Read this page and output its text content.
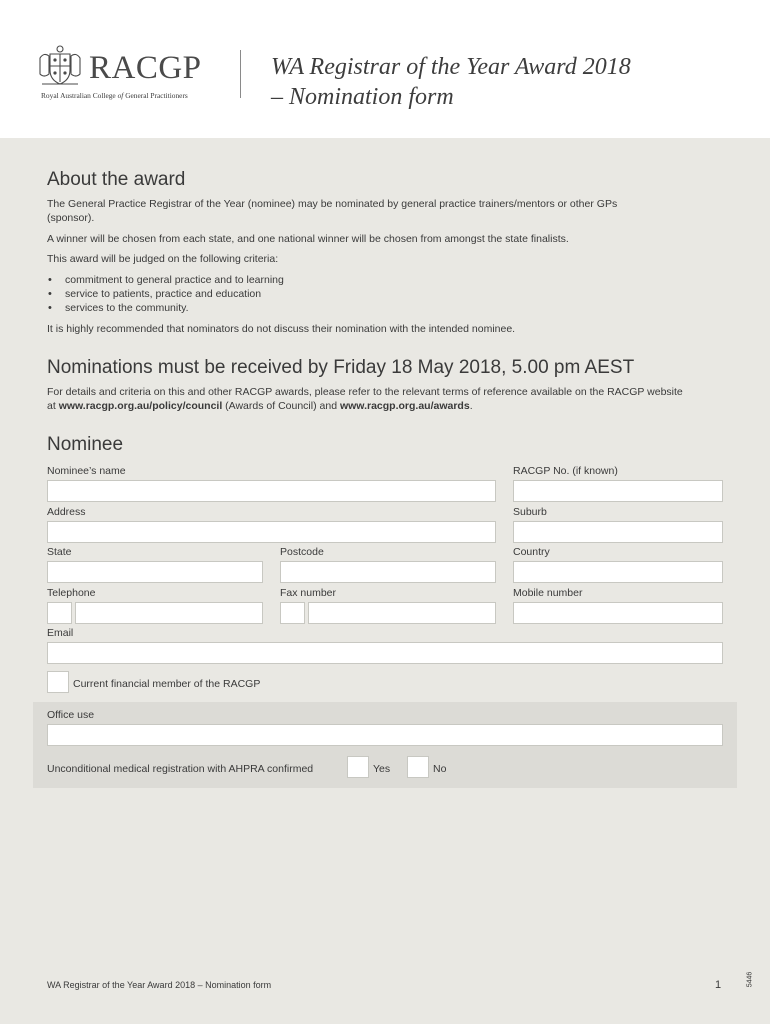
RACGP
Royal Australian College of General Practitioners
WA Registrar of the Year Award 2018
– Nomination form
About the award
The General Practice Registrar of the Year (nominee) may be nominated by general practice trainers/mentors or other GPs (sponsor).
A winner will be chosen from each state, and one national winner will be chosen from amongst the state finalists.
This award will be judged on the following criteria:
• commitment to general practice and to learning
• service to patients, practice and education
• services to the community.
It is highly recommended that nominators do not discuss their nomination with the intended nominee.
Nominations must be received by Friday 18 May 2018, 5.00 pm AEST
For details and criteria on this and other RACGP awards, please refer to the relevant terms of reference available on the RACGP website at www.racgp.org.au/policy/council (Awards of Council) and www.racgp.org.au/awards.
Nominee
Nominee’s name	RACGP No. (if known)
Address	Suburb
State	Postcode	Country
Telephone	Fax number	Mobile number
Email
Current financial member of the RACGP
Office use
Unconditional medical registration with AHPRA confirmed	Yes	No
WA Registrar of the Year Award 2018 – Nomination form	1	5446
